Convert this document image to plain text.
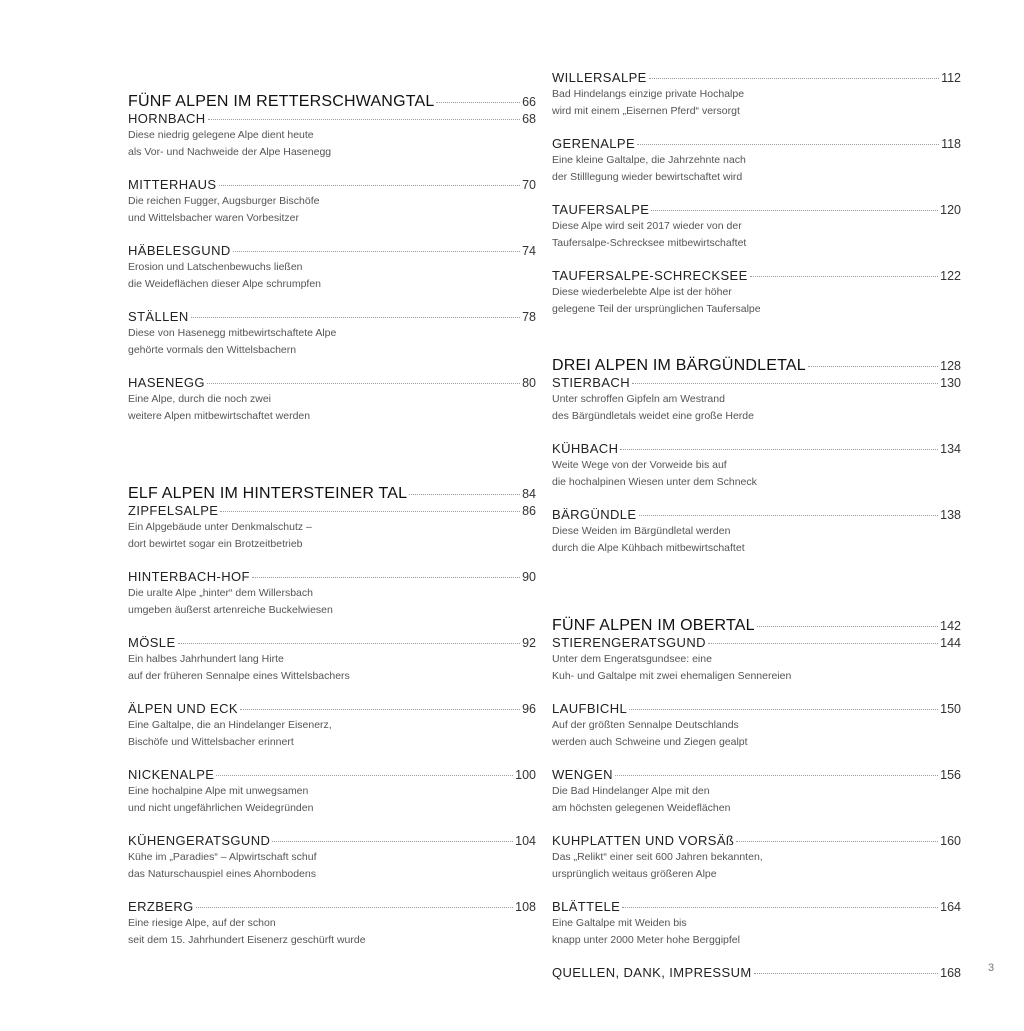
FÜNF ALPEN IM RETTERSCHWANGTAL	66
HORNBACH	68
Diese niedrig gelegene Alpe dient heute
als Vor- und Nachweide der Alpe Hasenegg
MITTERHAUS	70
Die reichen Fugger, Augsburger Bischöfe
und Wittelsbacher waren Vorbesitzer
HÄBELESGUND	74
Erosion und Latschenbewuchs ließen
die Weideflächen dieser Alpe schrumpfen
STÄLLEN	78
Diese von Hasenegg mitbewirtschaftete Alpe
gehörte vormals den Wittelsbachern
HASENEGG	80
Eine Alpe, durch die noch zwei
weitere Alpen mitbewirtschaftet werden
ELF ALPEN IM HINTERSTEINER TAL	84
ZIPFELSALPE	86
Ein Alpgebäude unter Denkmalschutz –
dort bewirtet sogar ein Brotzeitbetrieb
HINTERBACH-HOF	90
Die uralte Alpe „hinter“ dem Willersbach
umgeben äußerst artenreiche Buckelwiesen
MÖSLE	92
Ein halbes Jahrhundert lang Hirte
auf der früheren Sennalpe eines Wittelsbachers
ÄLPEN UND ECK	96
Eine Galtalpe, die an Hindelanger Eisenerz,
Bischöfe und Wittelsbacher erinnert
NICKENALPE	100
Eine hochalpine Alpe mit unwegsamen
und nicht ungefährlichen Weidegründen
KÜHENGERATSGUND	104
Kühe im „Paradies“ – Alpwirtschaft schuf
das Naturschauspiel eines Ahornbodens
ERZBERG	108
Eine riesige Alpe, auf der schon
seit dem 15. Jahrhundert Eisenerz geschürft wurde
WILLERSALPE	112
Bad Hindelangs einzige private Hochalpe
wird mit einem „Eisernen Pferd“ versorgt
GERENALPE	118
Eine kleine Galtalpe, die Jahrzehnte nach
der Stilllegung wieder bewirtschaftet wird
TAUFERSALPE	120
Diese Alpe wird seit 2017 wieder von der
Taufersalpe-Schrecksee mitbewirtschaftet
TAUFERSALPE-SCHRECKSEE	122
Diese wiederbelebte Alpe ist der höher
gelegene Teil der ursprünglichen Taufersalpe
DREI ALPEN IM BÄRGÜNDLETAL	128
STIERBACH	130
Unter schroffen Gipfeln am Westrand
des Bärgündletals weidet eine große Herde
KÜHBACH	134
Weite Wege von der Vorweide bis auf
die hochalpinen Wiesen unter dem Schneck
BÄRGÜNDLE	138
Diese Weiden im Bärgündletal werden
durch die Alpe Kühbach mitbewirtschaftet
FÜNF ALPEN IM OBERTAL	142
STIERENGERATSGUND	144
Unter dem Engeratsgundsee: eine
Kuh- und Galtalpe mit zwei ehemaligen Sennereien
LAUFBICHL	150
Auf der größten Sennalpe Deutschlands
werden auch Schweine und Ziegen gealpt
WENGEN	156
Die Bad Hindelanger Alpe mit den
am höchsten gelegenen Weideflächen
KUHPLATTEN UND VORSÄß	160
Das „Relikt“ einer seit 600 Jahren bekannten,
ursprünglich weitaus größeren Alpe
BLÄTTELE	164
Eine Galtalpe mit Weiden bis
knapp unter 2000 Meter hohe Berggipfel
QUELLEN, DANK, IMPRESSUM	168 3
